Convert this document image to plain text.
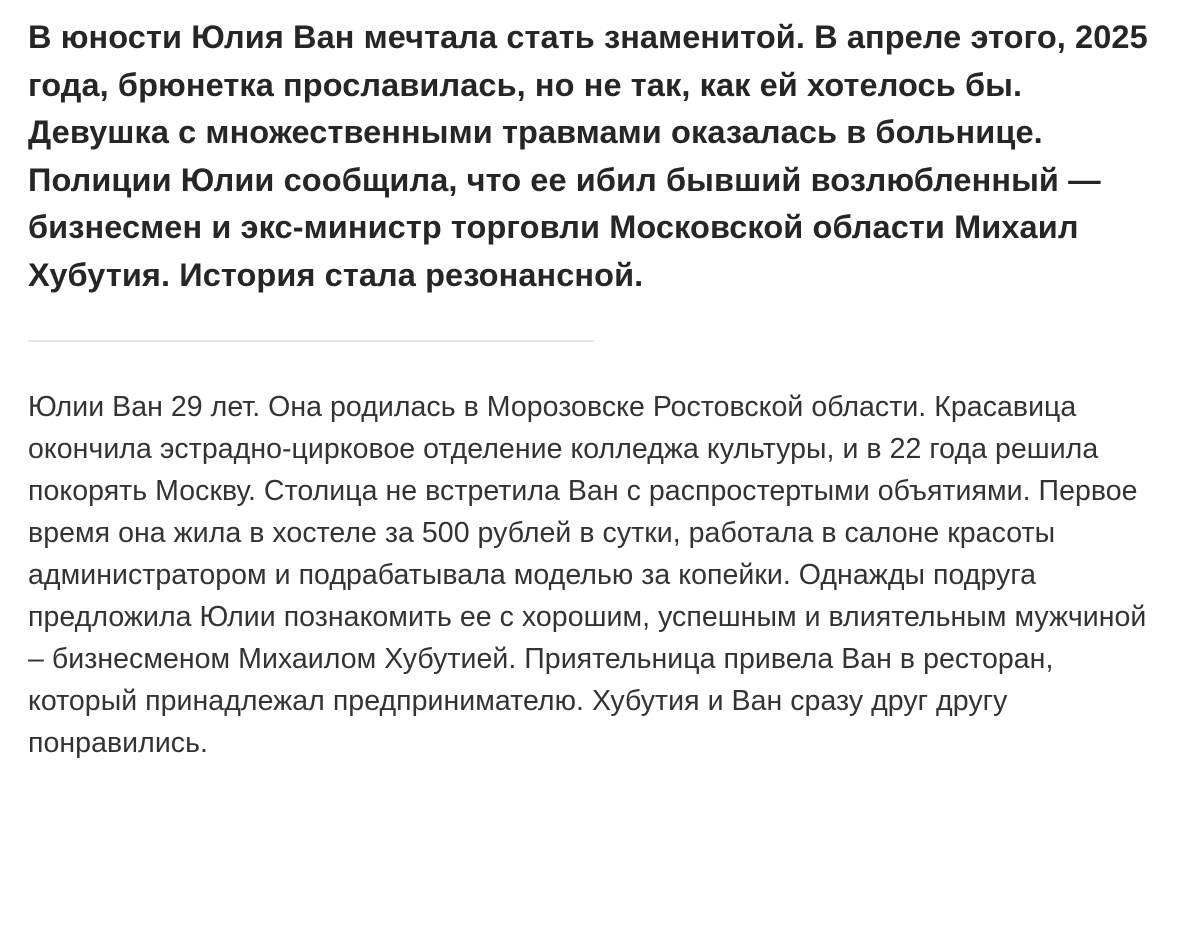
В юности Юлия Ван мечтала стать знаменитой. В апреле этого, 2025 года, брюнетка прославилась, но не так, как ей хотелось бы. Девушка с множественными травмами оказалась в больнице. Полиции Юлии сообщила, что ее ибил бывший возлюбленный — бизнесмен и экс-министр торговли Московской области Михаил Хубутия. История стала резонансной.

Юлии Ван 29 лет. Она родилась в Морозовске Ростовской области. Красавица окончила эстрадно-цирковое отделение колледжа культуры, и в 22 года решила покорять Москву. Столица не встретила Ван с распростертыми объятиями. Первое время она жила в хостеле за 500 рублей в сутки, работала в салоне красоты администратором и подрабатывала моделью за копейки. Однажды подруга предложила Юлии познакомить ее с хорошим, успешным и влиятельным мужчиной – бизнесменом Михаилом Хубутией. Приятельница привела Ван в ресторан, который принадлежал предпринимателю. Хубутия и Ван сразу друг другу понравились.
